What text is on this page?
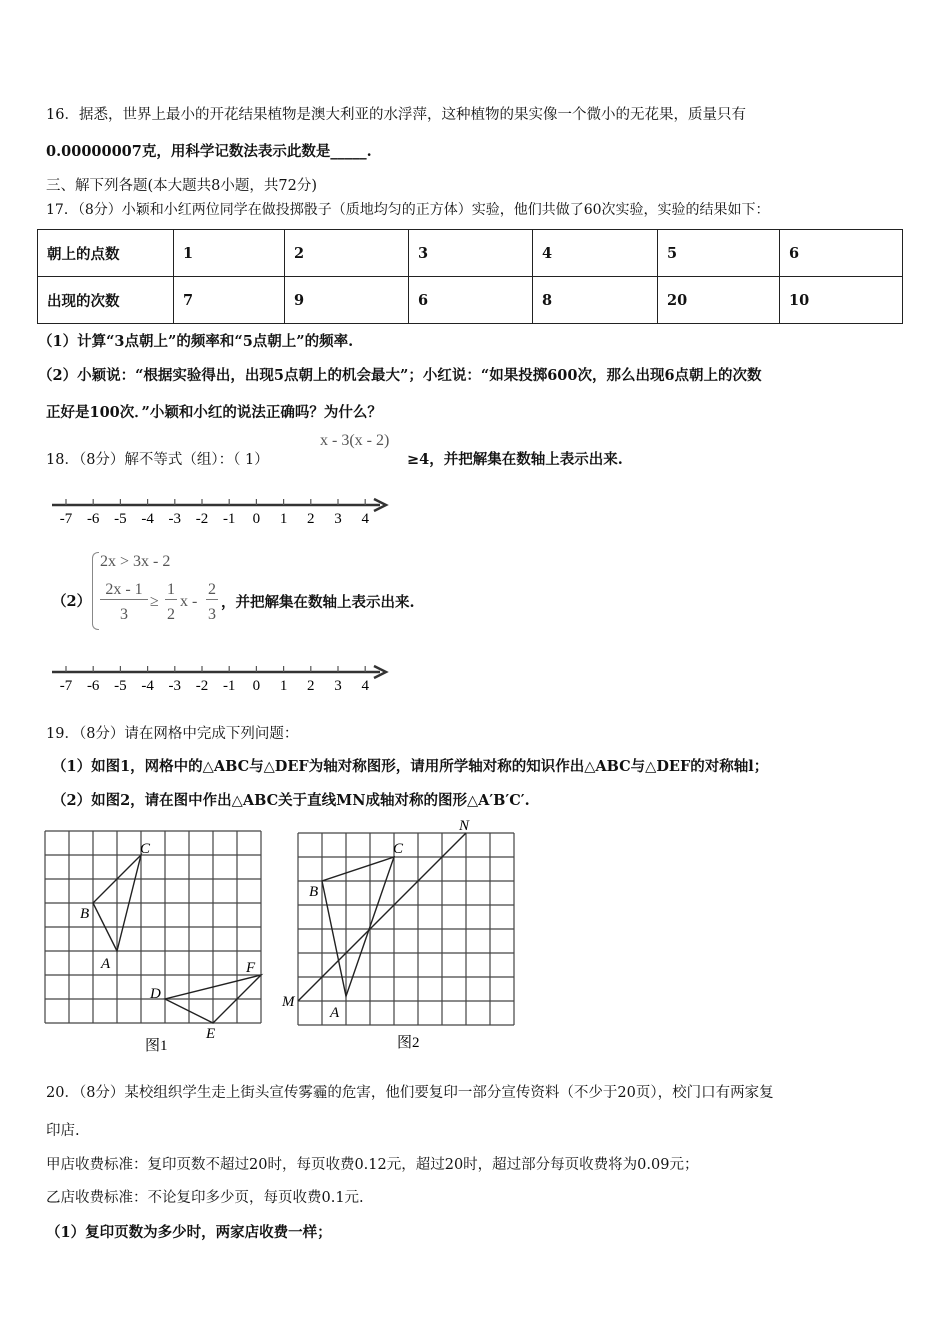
16．据悉，世界上最小的开花结果植物是澳大利亚的水浮萍，这种植物的果实像一个微小的无花果，质量只有
0.00000007克，用科学记数法表示此数是_____.
三、解下列各题(本大题共8小题，共72分)
17．（8分）小颖和小红两位同学在做投掷骰子（质地均匀的正方体）实验，他们共做了60次实验，实验的结果如下：
朝上的点数	1	2	3	4	5	6
出现的次数	7	9	6	8	20	10
（1）计算“3点朝上”的频率和“5点朝上”的频率.
（2）小颖说：“根据实验得出，出现5点朝上的机会最大”；小红说：“如果投掷600次，那么出现6点朝上的次数
正好是100次．”小颖和小红的说法正确吗？为什么？
18．（8分）解不等式（组）：（ 1）
x - 3(x - 2)
≥4，并把解集在数轴上表示出来.
-7 -6 -5 -4 -3 -2 -1 0 1 2 3 4
（2）
2x > 3x - 2
2x - 1
3
≥
1
2
x -
2
3
，并把解集在数轴上表示出来.
-7 -6 -5 -4 -3 -2 -1 0 1 2 3 4
19．（8分）请在网格中完成下列问题：
（1）如图1，网格中的△ABC与△DEF为轴对称图形，请用所学轴对称的知识作出△ABC与△DEF的对称轴l；
（2）如图2，请在图中作出△ABC关于直线MN成轴对称的图形△A′B′C′.
C
B
A
D
E
F
C
B
A
M
N
图1	图2
20．（8分）某校组织学生走上街头宣传雾霾的危害，他们要复印一部分宣传资料（不少于20页），校门口有两家复
印店.
甲店收费标准：复印页数不超过20时，每页收费0.12元，超过20时，超过部分每页收费将为0.09元；
乙店收费标准：不论复印多少页，每页收费0.1元.
（1）复印页数为多少时，两家店收费一样；
